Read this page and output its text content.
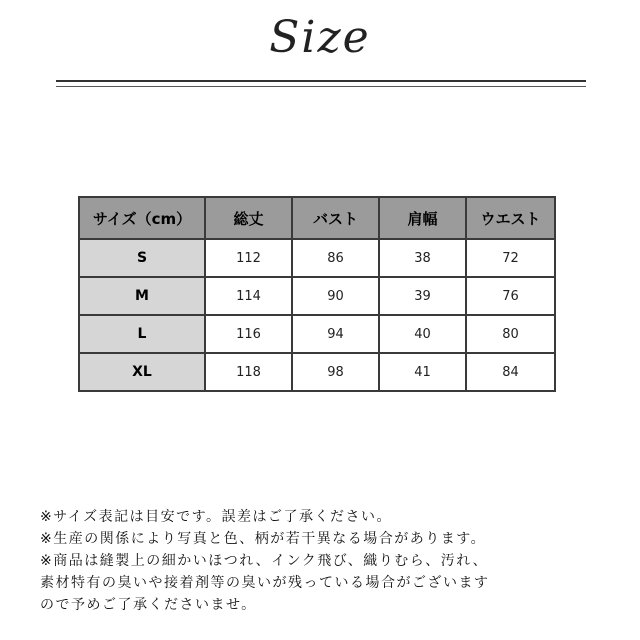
Size
サイズ（cm）	総丈	バスト	肩幅	ウエスト
S	112	86	38	72
M	114	90	39	76
L	116	94	40	80
XL	118	98	41	84
※サイズ表記は目安です。誤差はご了承ください。
※生産の関係により写真と色、柄が若干異なる場合があります。
※商品は縫製上の細かいほつれ、インク飛び、織りむら、汚れ、
素材特有の臭いや接着剤等の臭いが残っている場合がございます
ので予めご了承くださいませ。
